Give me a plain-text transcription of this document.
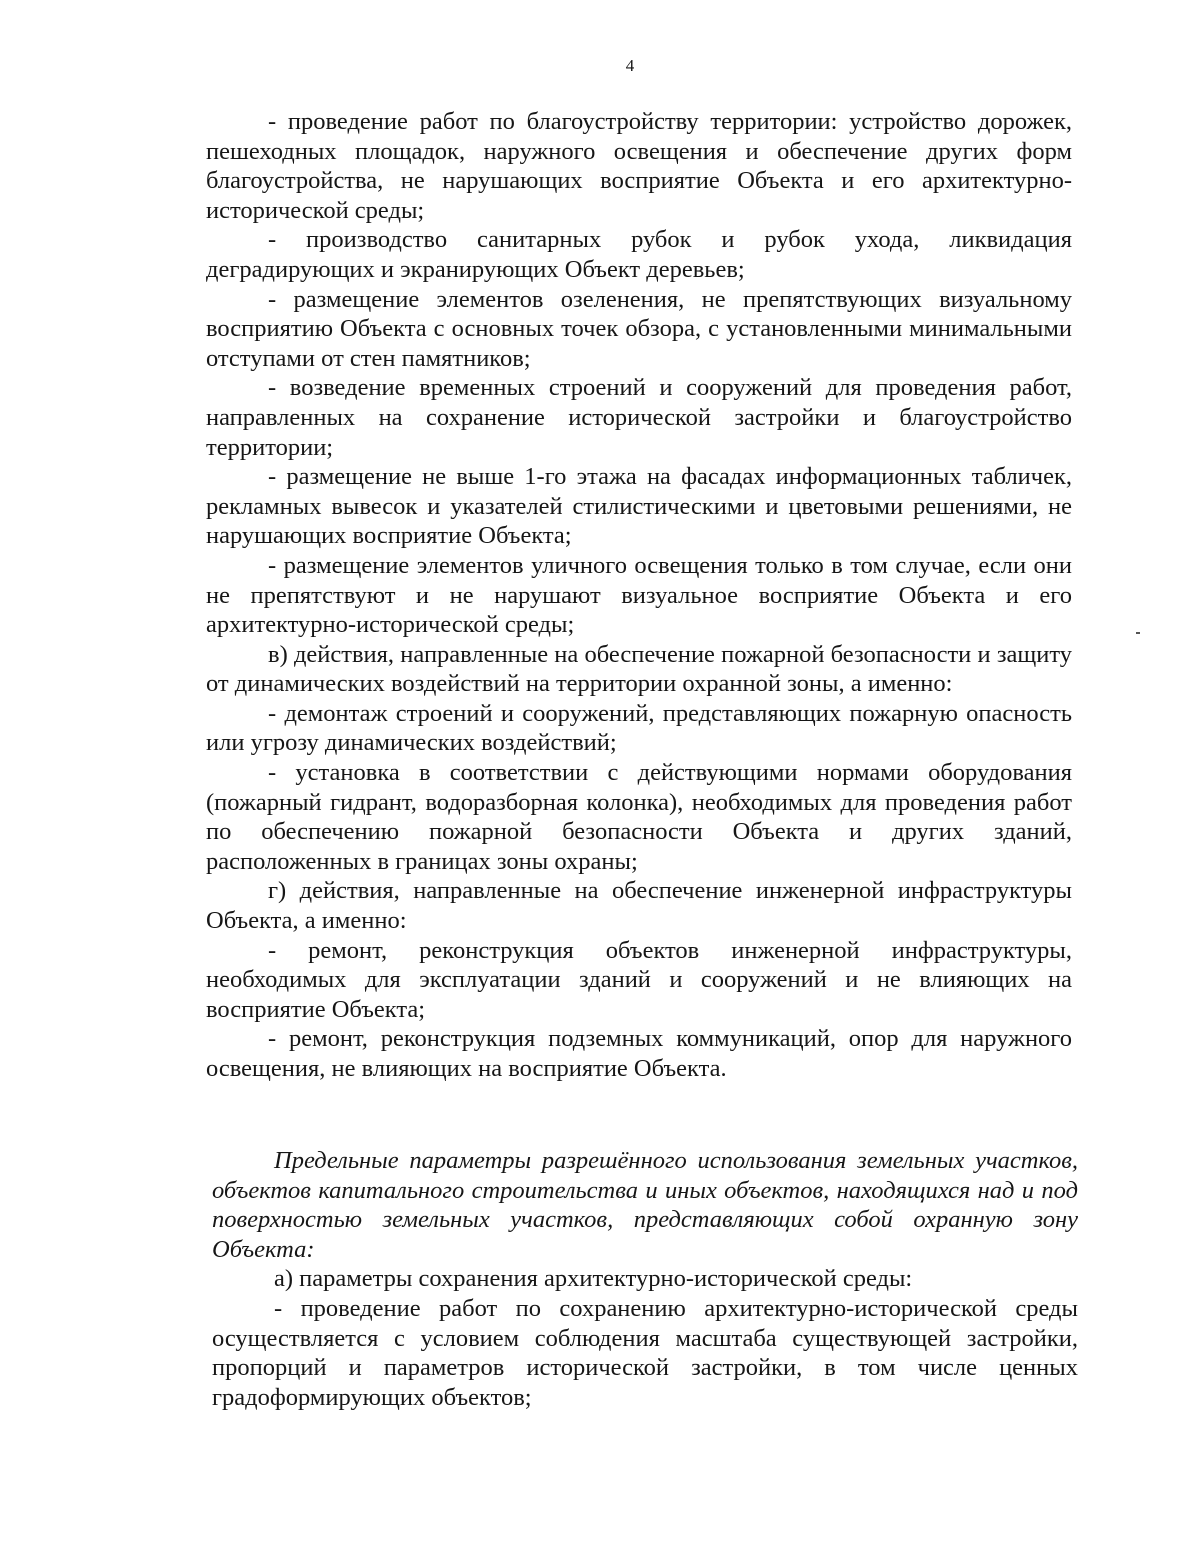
4

- проведение работ по благоустройству территории: устройство дорожек, пешеходных площадок, наружного освещения и обеспечение других форм благоустройства, не нарушающих восприятие Объекта и его архитектурно-исторической среды;

- производство санитарных рубок и рубок ухода, ликвидация деградирующих и экранирующих Объект деревьев;

- размещение элементов озеленения, не препятствующих визуальному восприятию Объекта с основных точек обзора, с установленными минимальными отступами от стен памятников;

- возведение временных строений и сооружений для проведения работ, направленных на сохранение исторической застройки и благоустройство территории;

- размещение не выше 1-го этажа на фасадах информационных табличек, рекламных вывесок и указателей стилистическими и цветовыми решениями, не нарушающих восприятие Объекта;

- размещение элементов уличного освещения только в том случае, если они не препятствуют и не нарушают визуальное восприятие Объекта и его архитектурно-исторической среды;

в) действия, направленные на обеспечение пожарной безопасности и защиту от динамических воздействий на территории охранной зоны, а именно:

- демонтаж строений и сооружений, представляющих пожарную опасность или угрозу динамических воздействий;

- установка в соответствии с действующими нормами оборудования (пожарный гидрант, водоразборная колонка), необходимых для проведения работ по обеспечению пожарной безопасности Объекта и других зданий, расположенных в границах зоны охраны;

г) действия, направленные на обеспечение инженерной инфраструктуры Объекта, а именно:

- ремонт, реконструкция объектов инженерной инфраструктуры, необходимых для эксплуатации зданий и сооружений и не влияющих на восприятие Объекта;

- ремонт, реконструкция подземных коммуникаций, опор для наружного освещения, не влияющих на восприятие Объекта.

Предельные параметры разрешённого использования земельных участков, объектов капитального строительства и иных объектов, находящихся над и под поверхностью земельных участков, представляющих собой охранную зону Объекта:

а) параметры сохранения архитектурно-исторической среды:

- проведение работ по сохранению архитектурно-исторической среды осуществляется с условием соблюдения масштаба существующей застройки, пропорций и параметров исторической застройки, в том числе ценных градоформирующих объектов;
